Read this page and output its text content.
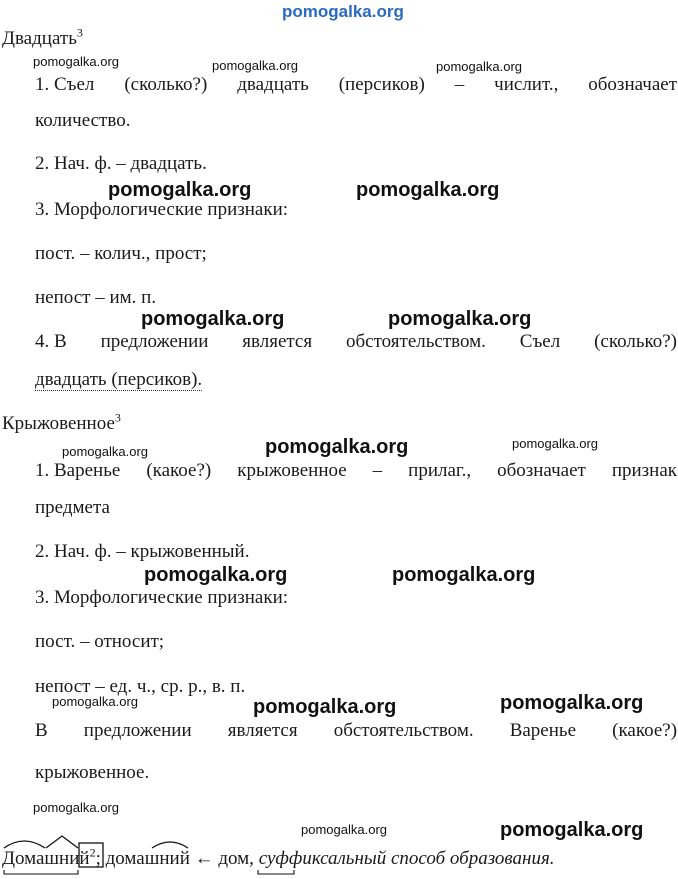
pomogalka.org
Двадцать$^3$
pomogalka.org	pomogalka.org	pomogalka.org
1. Съел (сколько?) двадцать (персиков) – числит., обозначает
количество.
2. Нач. ф. – двадцать.
pomogalka.org	pomogalka.org
3. Морфологические признаки:
пост. – колич., прост;
непост – им. п.
pomogalka.org	pomogalka.org
4. В предложении является обстоятельством. Съел (сколько?)
двадцать (персиков).
Крыжовенное$^3$
pomogalka.org	pomogalka.org	pomogalka.org
1. Варенье (какое?) крыжовенное – прилаг., обозначает признак
предмета
2. Нач. ф. – крыжовенный.
pomogalka.org	pomogalka.org
3. Морфологические признаки:
пост. – относит;
непост – ед. ч., ср. р., в. п.
pomogalka.org	pomogalka.org	pomogalka.org
В предложении является обстоятельством. Варенье (какое?)
крыжовенное.
pomogalka.org
pomogalka.org	pomogalka.org
Домашний$^2$; домашний ← дом, суффиксальный способ образования.
